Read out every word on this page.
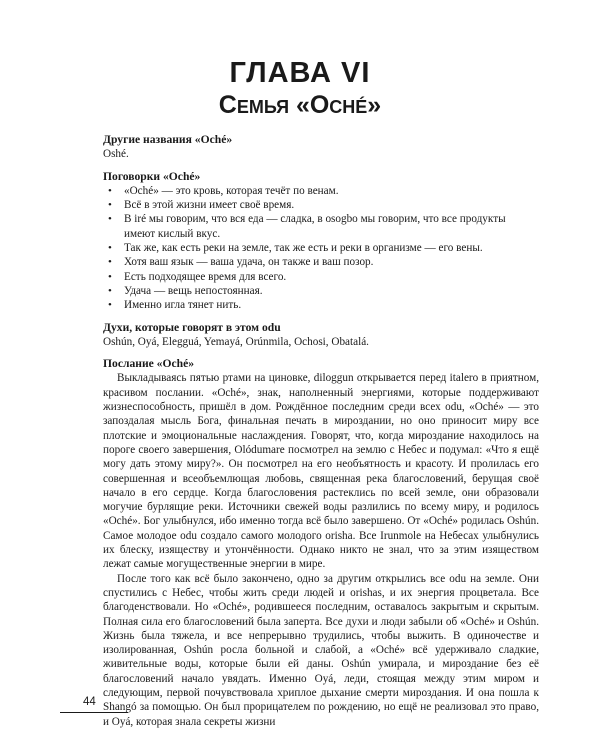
ГЛАВА VI
Семья «Oché»
Другие названия «Oché»

Oshé.

Поговорки «Oché»
• «Oché» — это кровь, которая течёт по венам.
• Всё в этой жизни имеет своё время.
• В iré мы говорим, что вся еда — сладка, в osogbo мы говорим, что все продукты имеют кислый вкус.
• Так же, как есть реки на земле, так же есть и реки в организме — его вены.
• Хотя ваш язык — ваша удача, он также и ваш позор.
• Есть подходящее время для всего.
• Удача — вещь непостоянная.
• Именно игла тянет нить.
Духи, которые говорят в этом odu

Oshún, Oyá, Elegguá, Yemayá, Orúnmila, Ochosi, Obatalá.

Послание «Oché»

Выкладываясь пятью ртами на циновке, diloggun открывается перед italero в приятном, красивом послании. «Oché», знак, наполненный энергиями, которые поддерживают жизнеспособность, пришёл в дом. Рождённое последним среди всех odu, «Oché» — это запоздалая мысль Бога, финальная печать в мироздании, но оно приносит миру все плотские и эмоциональные наслаждения. Говорят, что, когда мироздание находилось на пороге своего завершения, Olódumare посмотрел на землю с Небес и подумал: «Что я ещё могу дать этому миру?». Он посмотрел на его необъятность и красоту. И пролилась его совершенная и всеобъемлющая любовь, священная река благословений, берущая своё начало в его сердце. Когда благословения растеклись по всей земле, они образовали могучие бурлящие реки. Источники свежей воды разлились по всему миру, и родилось «Oché». Бог улыбнулся, ибо именно тогда всё было завершено. От «Oché» родилась Oshún. Самое молодое odu создало самого молодого orisha. Все Irunmole на Небесах улыбнулись их блеску, изяществу и утончённости. Однако никто не знал, что за этим изяществом лежат самые могущественные энергии в мире.

После того как всё было закончено, одно за другим открылись все odu на земле. Они спустились с Небес, чтобы жить среди людей и orishas, и их энергия процветала. Все благоденствовали. Но «Oché», родившееся последним, оставалось закрытым и скрытым. Полная сила его благословений была заперта. Все духи и люди забыли об «Oché» и Oshún. Жизнь была тяжела, и все непрерывно трудились, чтобы выжить. В одиночестве и изолированная, Oshún росла больной и слабой, а «Oché» всё удерживало сладкие, живительные воды, которые были ей даны. Oshún умирала, и мироздание без её благословений начало увядать. Именно Oyá, леди, стоящая между этим миром и следующим, первой почувствовала хриплое дыхание смерти мироздания. И она пошла к Shangó за помощью. Он был прорицателем по рождению, но ещё не реализовал это право, и Oyá, которая знала секреты жизни

44
